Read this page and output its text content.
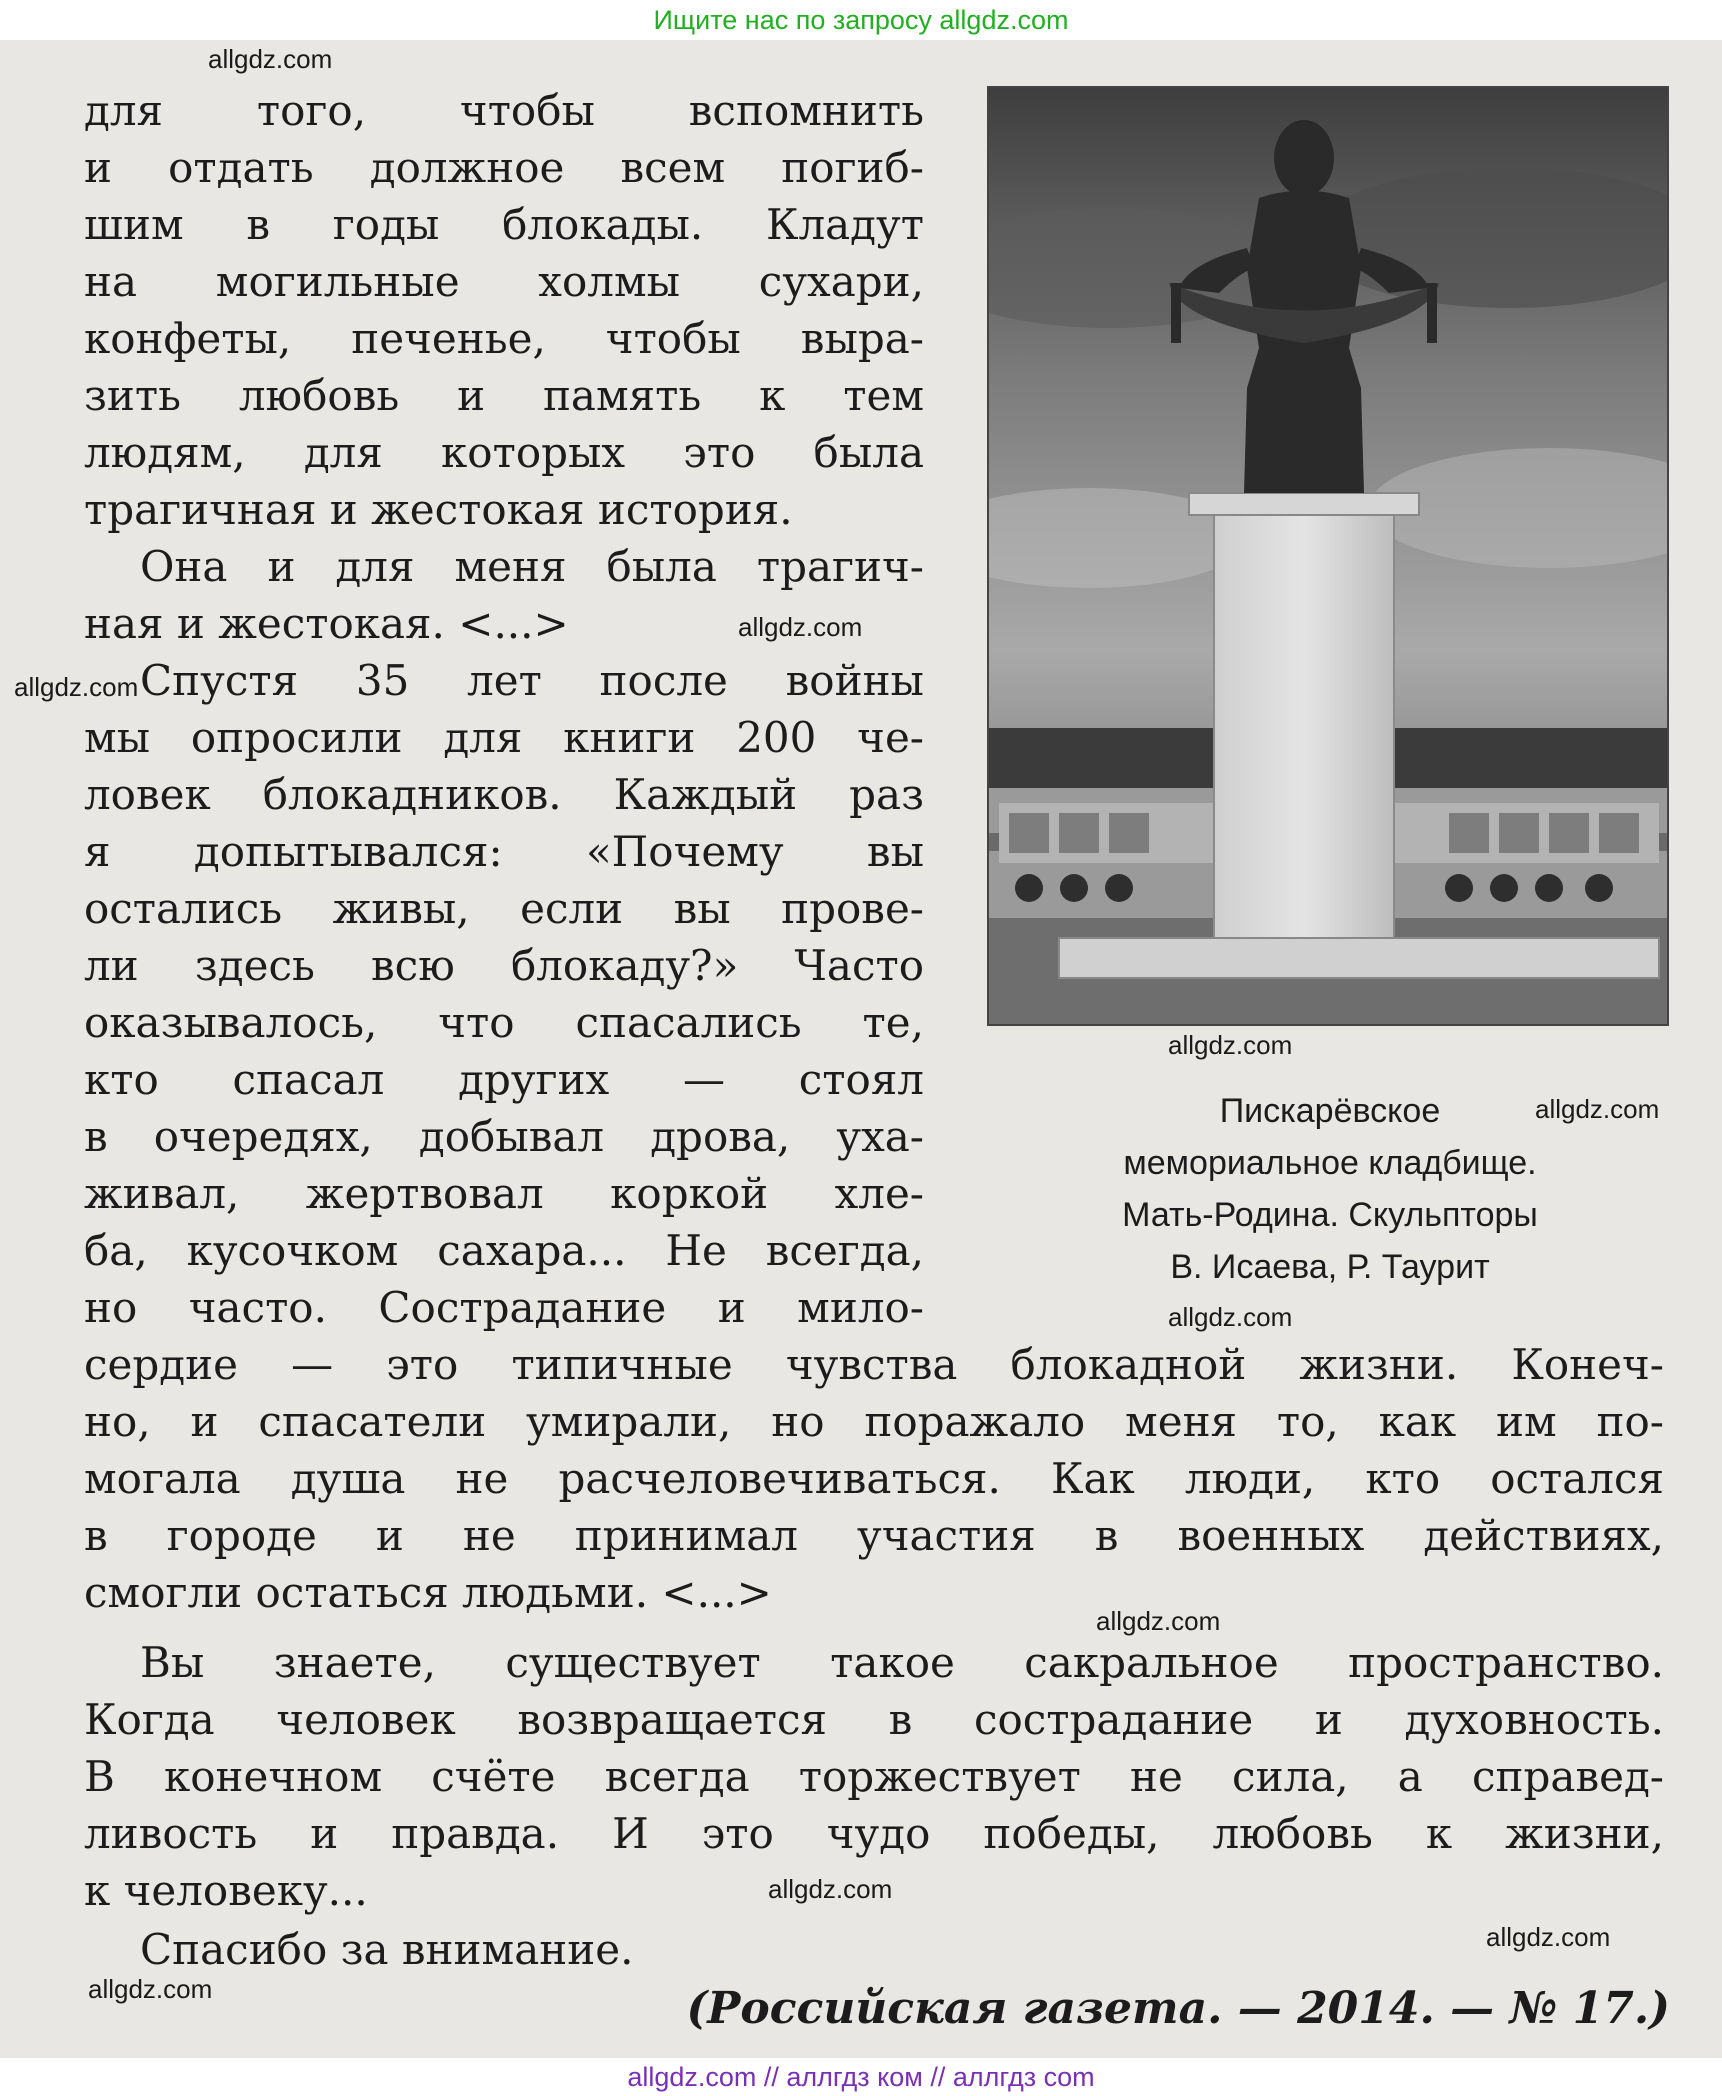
Ищите нас по запросу allgdz.com
для того, чтобы вспомнить
и отдать должное всем погиб-
шим в годы блокады. Кладут
на могильные холмы сухари,
конфеты, печенье, чтобы выра-
зить любовь и память к тем
людям, для которых это была
трагичная и жестокая история.
Она и для меня была трагич-
ная и жестокая. <...>
Спустя 35 лет после войны
мы опросили для книги 200 че-
ловек блокадников. Каждый раз
я допытывался: «Почему вы
остались живы, если вы прове-
ли здесь всю блокаду?» Часто
оказывалось, что спасались те,
кто спасал других — стоял
в очередях, добывал дрова, уха-
живал, жертвовал коркой хле-
ба, кусочком сахара... Не всегда,
но часто. Сострадание и мило-
сердие — это типичные чувства блокадной жизни. Конеч-
но, и спасатели умирали, но поражало меня то, как им по-
могала душа не расчеловечиваться. Как люди, кто остался
в городе и не принимал участия в военных действиях,
смогли остаться людьми. <...>
Вы знаете, существует такое сакральное пространство.
Когда человек возвращается в сострадание и духовность.
В конечном счёте всегда торжествует не сила, а справед-
ливость и правда. И это чудо победы, любовь к жизни,
к человеку...
Спасибо за внимание.
(Российская газета. — 2014. — № 17.)
Пискарёвское
мемориальное кладбище.
Мать-Родина. Скульпторы
В. Исаева, Р. Таурит
allgdz.com
allgdz.com
allgdz.com
allgdz.com
allgdz.com
allgdz.com
allgdz.com
allgdz.com
allgdz.com
allgdz.com
allgdz.com // аллгдз ком // аллгдз com
